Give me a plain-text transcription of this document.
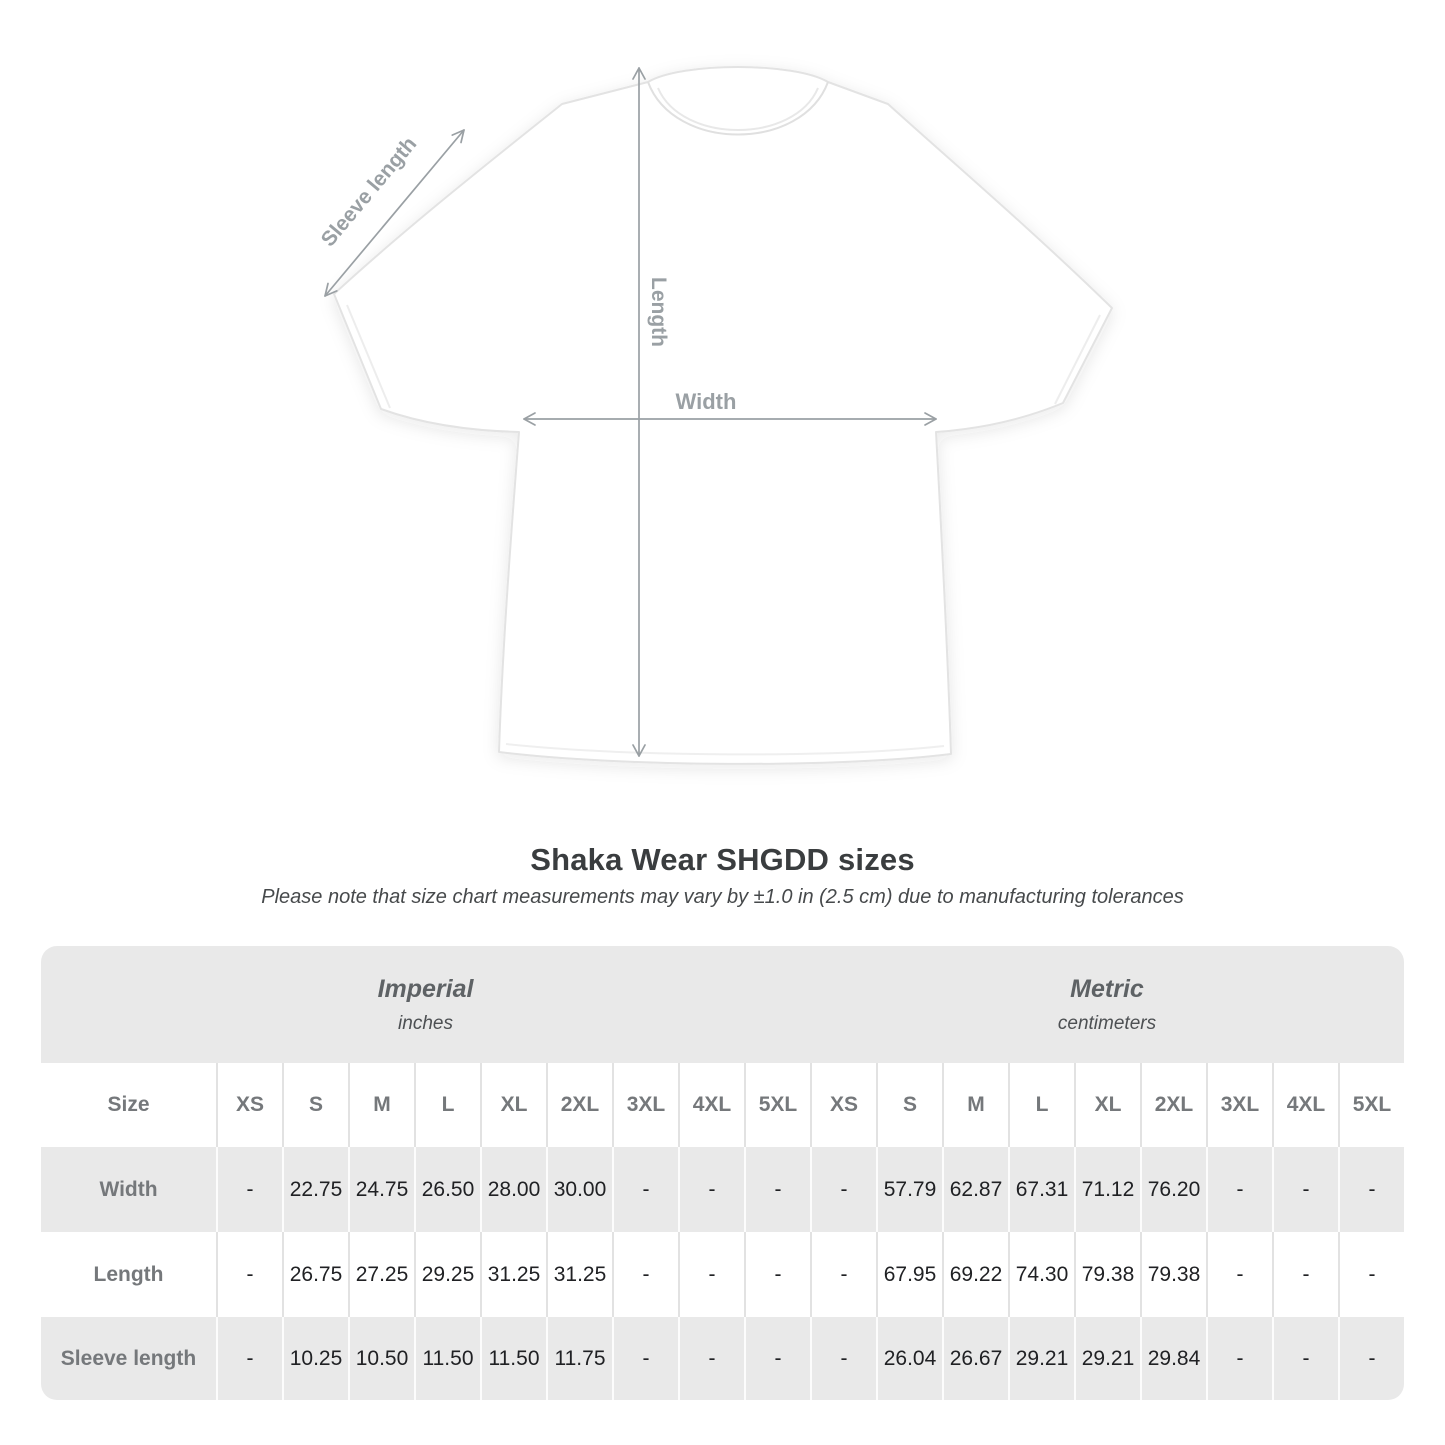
Sleeve length
Length
Width
Shaka Wear SHGDD sizes
Please note that size chart measurements may vary by ±1.0 in (2.5 cm) due to manufacturing tolerances
Imperial
inches
Metric
centimeters
Size	XS	S	M	L	XL	2XL	3XL	4XL	5XL	XS	S	M	L	XL	2XL	3XL	4XL	5XL
Width	-	22.75 24.75 26.50 28.00 30.00	-	-	-	-	57.79 62.87 67.31 71.12 76.20	-	-	-
Length	-	26.75 27.25 29.25 31.25 31.25	-	-	-	-	67.95 69.22 74.30 79.38 79.38	-	-	-
Sleeve length	-	10.25 10.50 11.50 11.50 11.75	-	-	-	-	26.04 26.67 29.21 29.21 29.84	-	-	-
